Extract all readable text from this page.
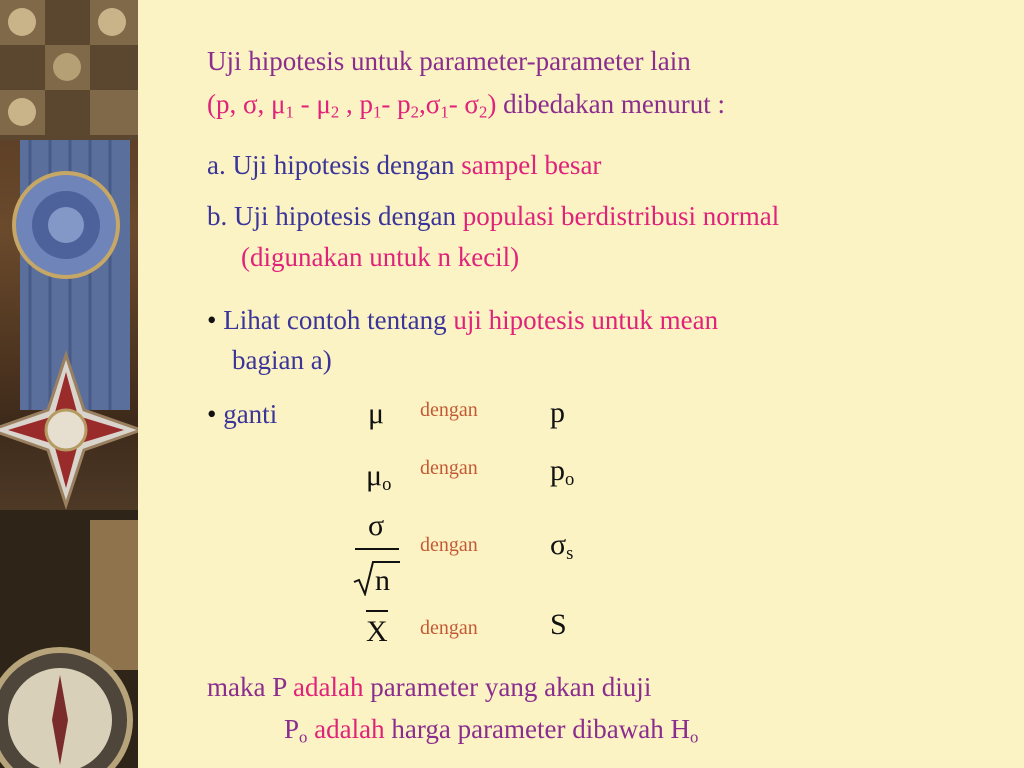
Uji hipotesis untuk parameter-parameter lain
(p, σ, $\mu_1 - \mu_2$ , $p_1-$ $p_2,\sigma_1-$ $\sigma_2$) dibedakan menurut :
a. Uji hipotesis dengan sampel besar
b. Uji hipotesis dengan populasi berdistribusi normal
(digunakan untuk n kecil)
• Lihat contoh tentang uji hipotesis untuk mean
bagian a)
• ganti	μ dengan p
$\mu_o$
dengan $p_o$
σ
n
dengan $\sigma_s$
X dengan S
maka P adalah parameter yang akan diuji
$P_o$ adalah harga parameter dibawah $H_o$
